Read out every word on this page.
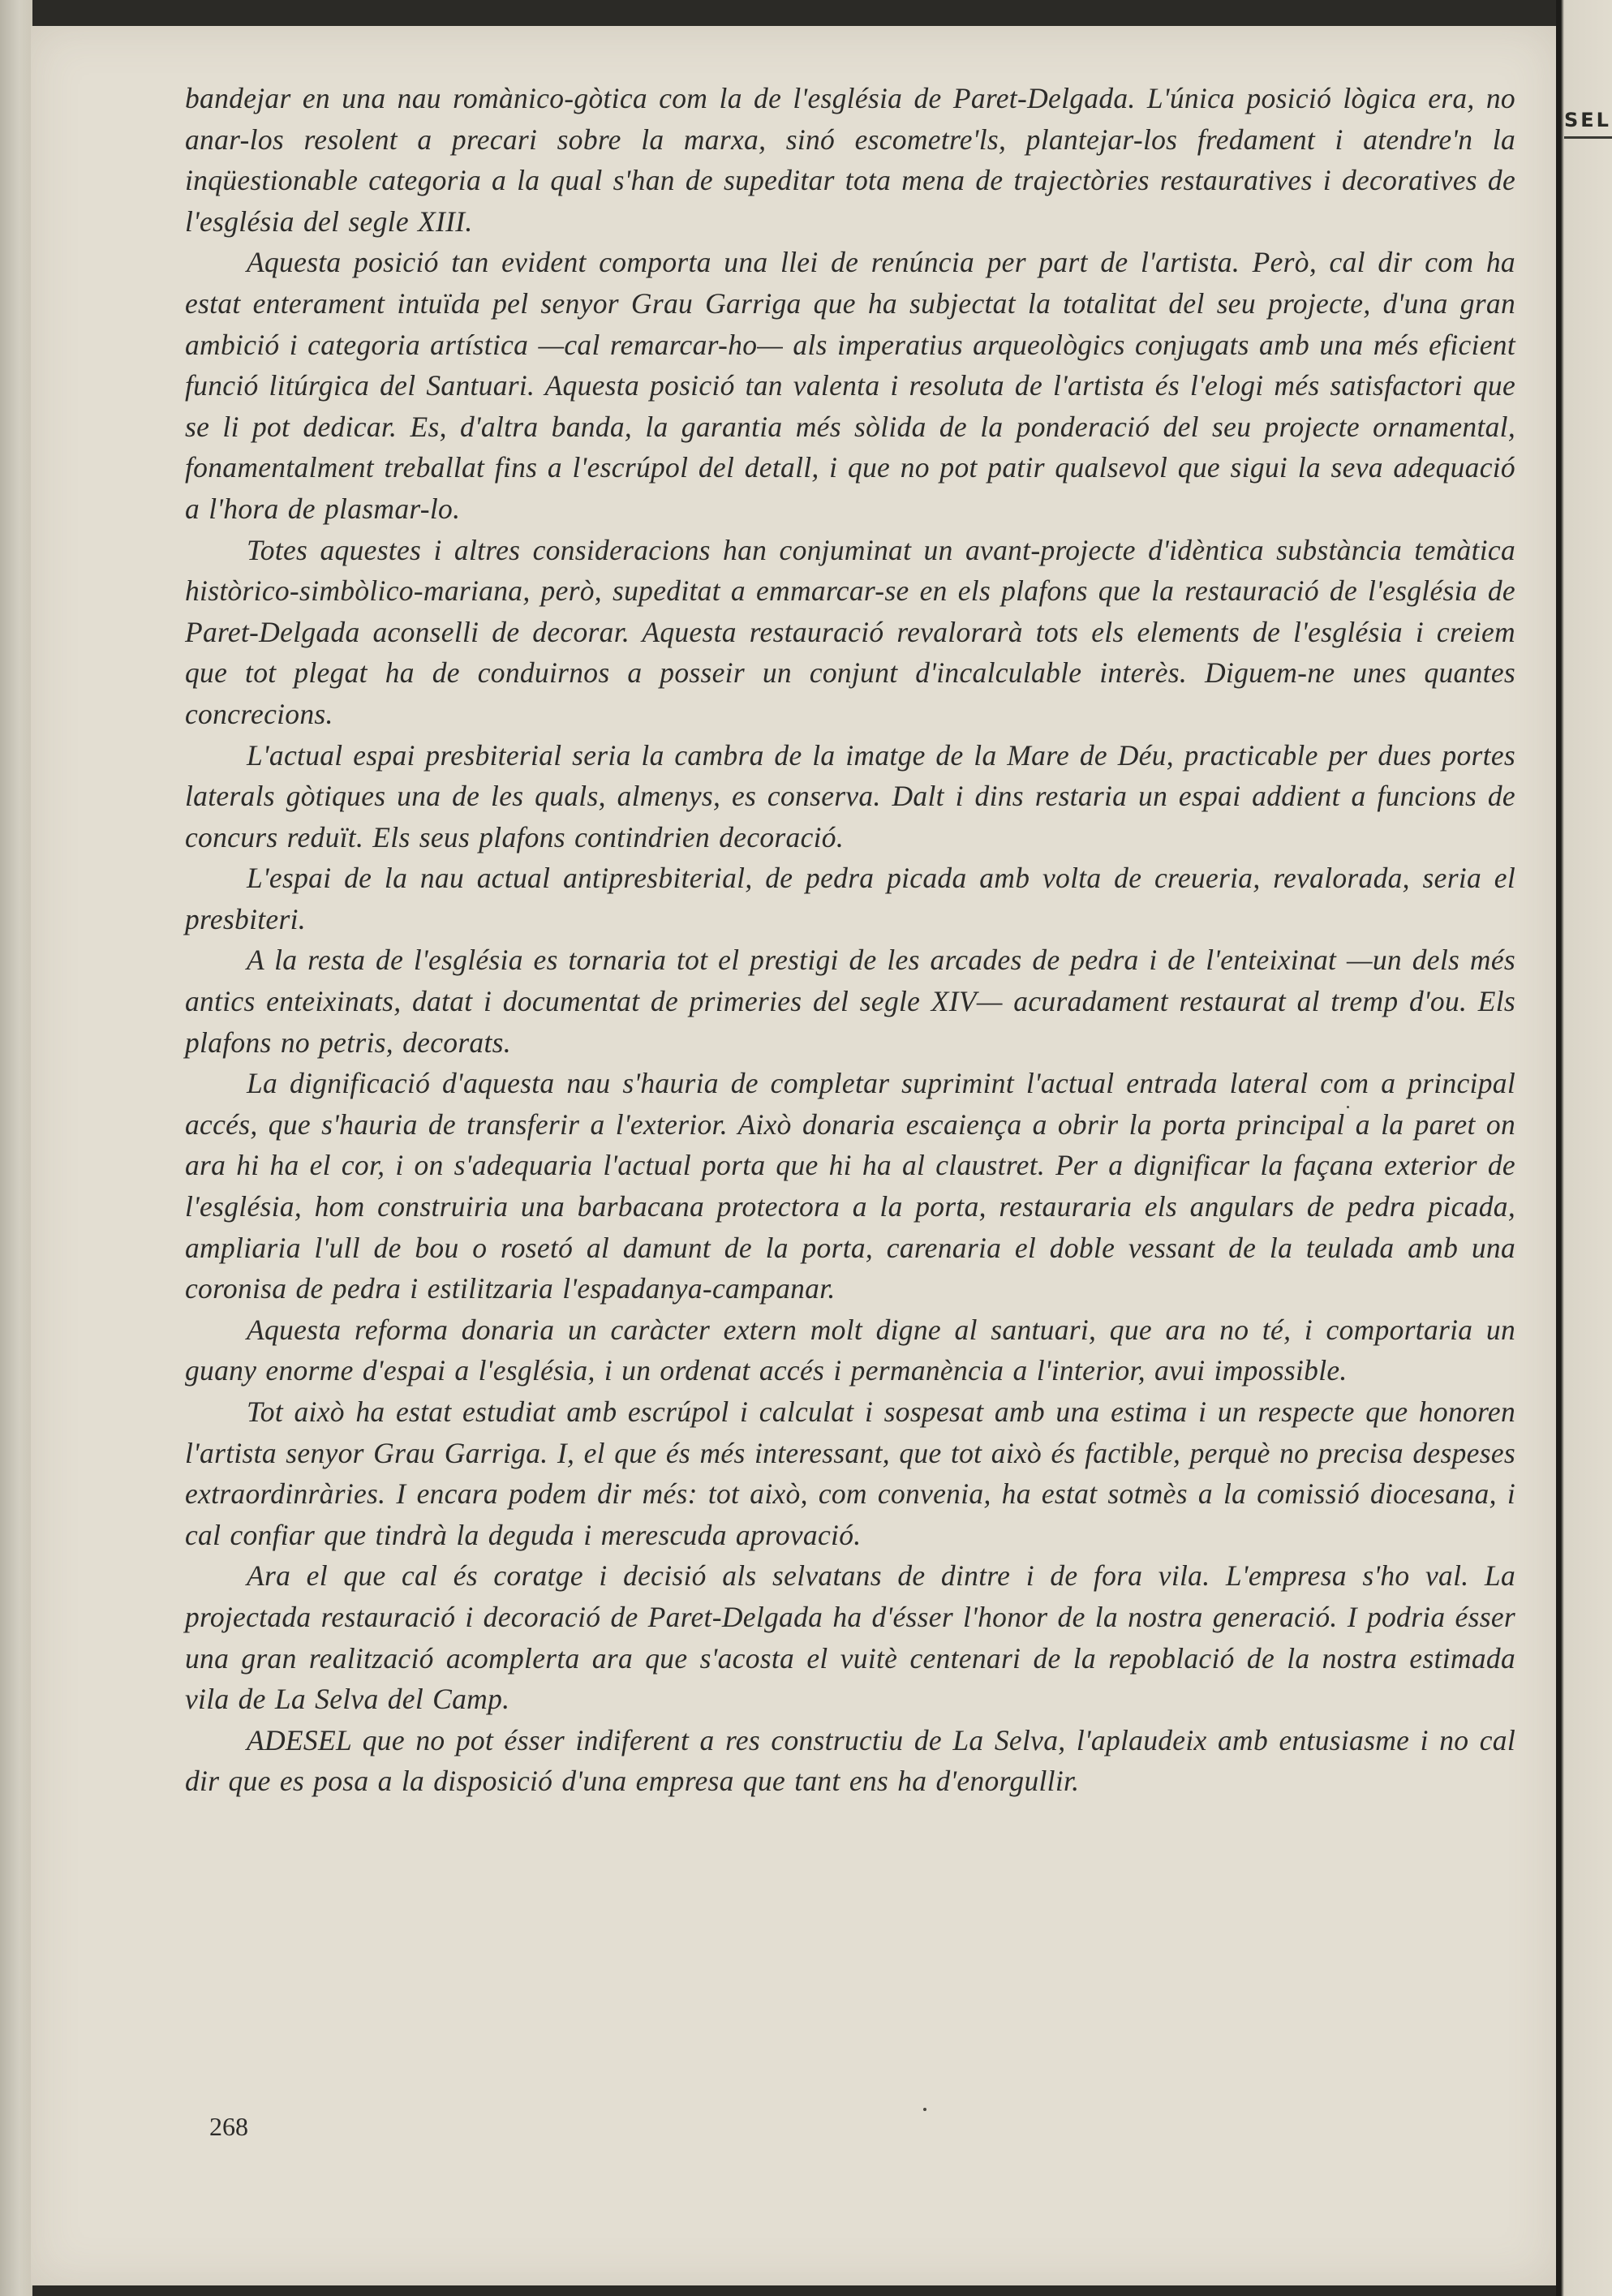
SEL

bandejar en una nau romànico-gòtica com la de l'església de Paret-Delgada. L'única posició lògica era, no anar-los resolent a precari sobre la marxa, sinó escometre'ls, plantejar-los fredament i atendre'n la inqüestionable categoria a la qual s'han de supeditar tota mena de trajectòries restauratives i decoratives de l'església del segle XIII.

Aquesta posició tan evident comporta una llei de renúncia per part de l'artista. Però, cal dir com ha estat enterament intuïda pel senyor Grau Garriga que ha subjectat la totalitat del seu projecte, d'una gran ambició i categoria artística —cal remarcar-ho— als imperatius arqueològics conjugats amb una més eficient funció litúrgica del Santuari. Aquesta posició tan valenta i resoluta de l'artista és l'elogi més satisfactori que se li pot dedicar. Es, d'altra banda, la garantia més sòlida de la ponderació del seu projecte ornamental, fonamentalment treballat fins a l'escrúpol del detall, i que no pot patir qualsevol que sigui la seva adequació a l'hora de plasmar-lo.

Totes aquestes i altres consideracions han conjuminat un avant-projecte d'idèntica substància temàtica històrico-simbòlico-mariana, però, supeditat a emmarcar-se en els plafons que la restauració de l'església de Paret-Delgada aconselli de decorar. Aquesta restauració revalorarà tots els elements de l'església i creiem que tot plegat ha de conduirnos a posseir un conjunt d'incalculable interès. Diguem-ne unes quantes concrecions.

L'actual espai presbiterial seria la cambra de la imatge de la Mare de Déu, practicable per dues portes laterals gòtiques una de les quals, almenys, es conserva. Dalt i dins restaria un espai addient a funcions de concurs reduït. Els seus plafons contindrien decoració.

L'espai de la nau actual antipresbiterial, de pedra picada amb volta de creueria, revalorada, seria el presbiteri.

A la resta de l'església es tornaria tot el prestigi de les arcades de pedra i de l'enteixinat —un dels més antics enteixinats, datat i documentat de primeries del segle XIV— acuradament restaurat al tremp d'ou. Els plafons no petris, decorats.

La dignificació d'aquesta nau s'hauria de completar suprimint l'actual entrada lateral com a principal accés, que s'hauria de transferir a l'exterior. Això donaria escaiença a obrir la porta principal a la paret on ara hi ha el cor, i on s'adequaria l'actual porta que hi ha al claustret. Per a dignificar la façana exterior de l'església, hom construiria una barbacana protectora a la porta, restauraria els angulars de pedra picada, ampliaria l'ull de bou o rosetó al damunt de la porta, carenaria el doble vessant de la teulada amb una coronisa de pedra i estilitzaria l'espadanya-campanar.

Aquesta reforma donaria un caràcter extern molt digne al santuari, que ara no té, i comportaria un guany enorme d'espai a l'església, i un ordenat accés i permanència a l'interior, avui impossible.

Tot això ha estat estudiat amb escrúpol i calculat i sospesat amb una estima i un respecte que honoren l'artista senyor Grau Garriga. I, el que és més interessant, que tot això és factible, perquè no precisa despeses extraordinràries. I encara podem dir més: tot això, com convenia, ha estat sotmès a la comissió diocesana, i cal confiar que tindrà la deguda i merescuda aprovació.

Ara el que cal és coratge i decisió als selvatans de dintre i de fora vila. L'empresa s'ho val. La projectada restauració i decoració de Paret-Delgada ha d'ésser l'honor de la nostra generació. I podria ésser una gran realització acomplerta ara que s'acosta el vuitè centenari de la repoblació de la nostra estimada vila de La Selva del Camp.

ADESEL que no pot ésser indiferent a res constructiu de La Selva, l'aplaudeix amb entusiasme i no cal dir que es posa a la disposició d'una empresa que tant ens ha d'enorgullir.

268
